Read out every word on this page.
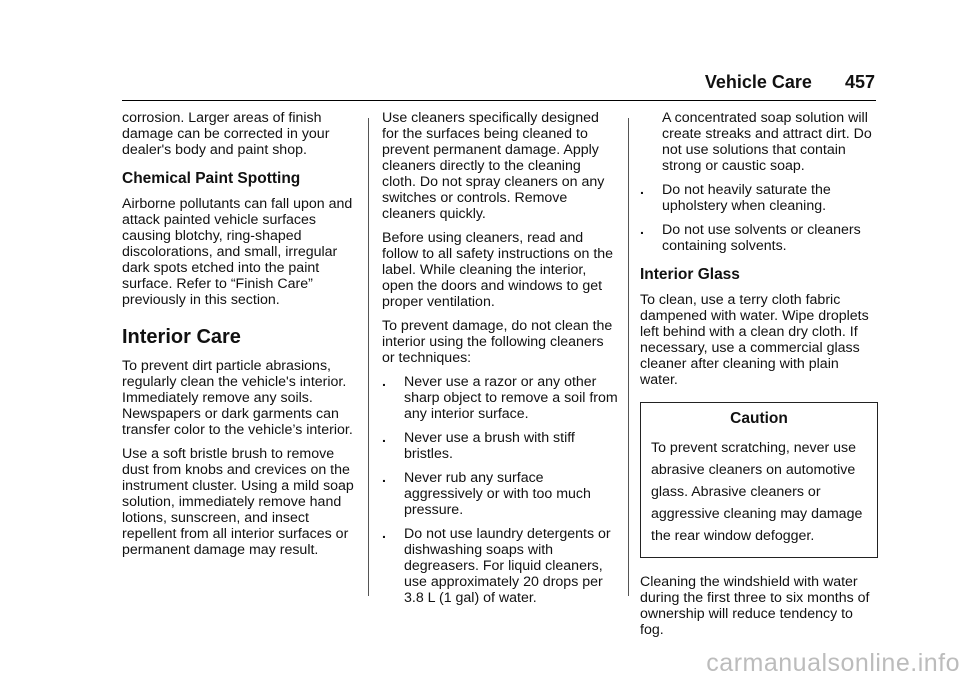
Vehicle Care 457

corrosion. Larger areas of finish damage can be corrected in your dealer's body and paint shop.

Chemical Paint Spotting

Airborne pollutants can fall upon and attack painted vehicle surfaces causing blotchy, ring-shaped discolorations, and small, irregular dark spots etched into the paint surface. Refer to “Finish Care” previously in this section.

Interior Care

To prevent dirt particle abrasions, regularly clean the vehicle's interior. Immediately remove any soils. Newspapers or dark garments can transfer color to the vehicle’s interior.

Use a soft bristle brush to remove dust from knobs and crevices on the instrument cluster. Using a mild soap solution, immediately remove hand lotions, sunscreen, and insect repellent from all interior surfaces or permanent damage may result.

Use cleaners specifically designed for the surfaces being cleaned to prevent permanent damage. Apply cleaners directly to the cleaning cloth. Do not spray cleaners on any switches or controls. Remove cleaners quickly.

Before using cleaners, read and follow to all safety instructions on the label. While cleaning the interior, open the doors and windows to get proper ventilation.

To prevent damage, do not clean the interior using the following cleaners or techniques:

. Never use a razor or any other sharp object to remove a soil from any interior surface.
. Never use a brush with stiff bristles.
. Never rub any surface aggressively or with too much pressure.
. Do not use laundry detergents or dishwashing soaps with degreasers. For liquid cleaners, use approximately 20 drops per 3.8 L (1 gal) of water.
A concentrated soap solution will create streaks and attract dirt. Do not use solutions that contain strong or caustic soap.
. Do not heavily saturate the upholstery when cleaning.
. Do not use solvents or cleaners containing solvents.
Interior Glass

To clean, use a terry cloth fabric dampened with water. Wipe droplets left behind with a clean dry cloth. If necessary, use a commercial glass cleaner after cleaning with plain water.

Caution
To prevent scratching, never use abrasive cleaners on automotive glass. Abrasive cleaners or aggressive cleaning may damage the rear window defogger.

Cleaning the windshield with water during the first three to six months of ownership will reduce tendency to fog.

carmanualsonline.info
